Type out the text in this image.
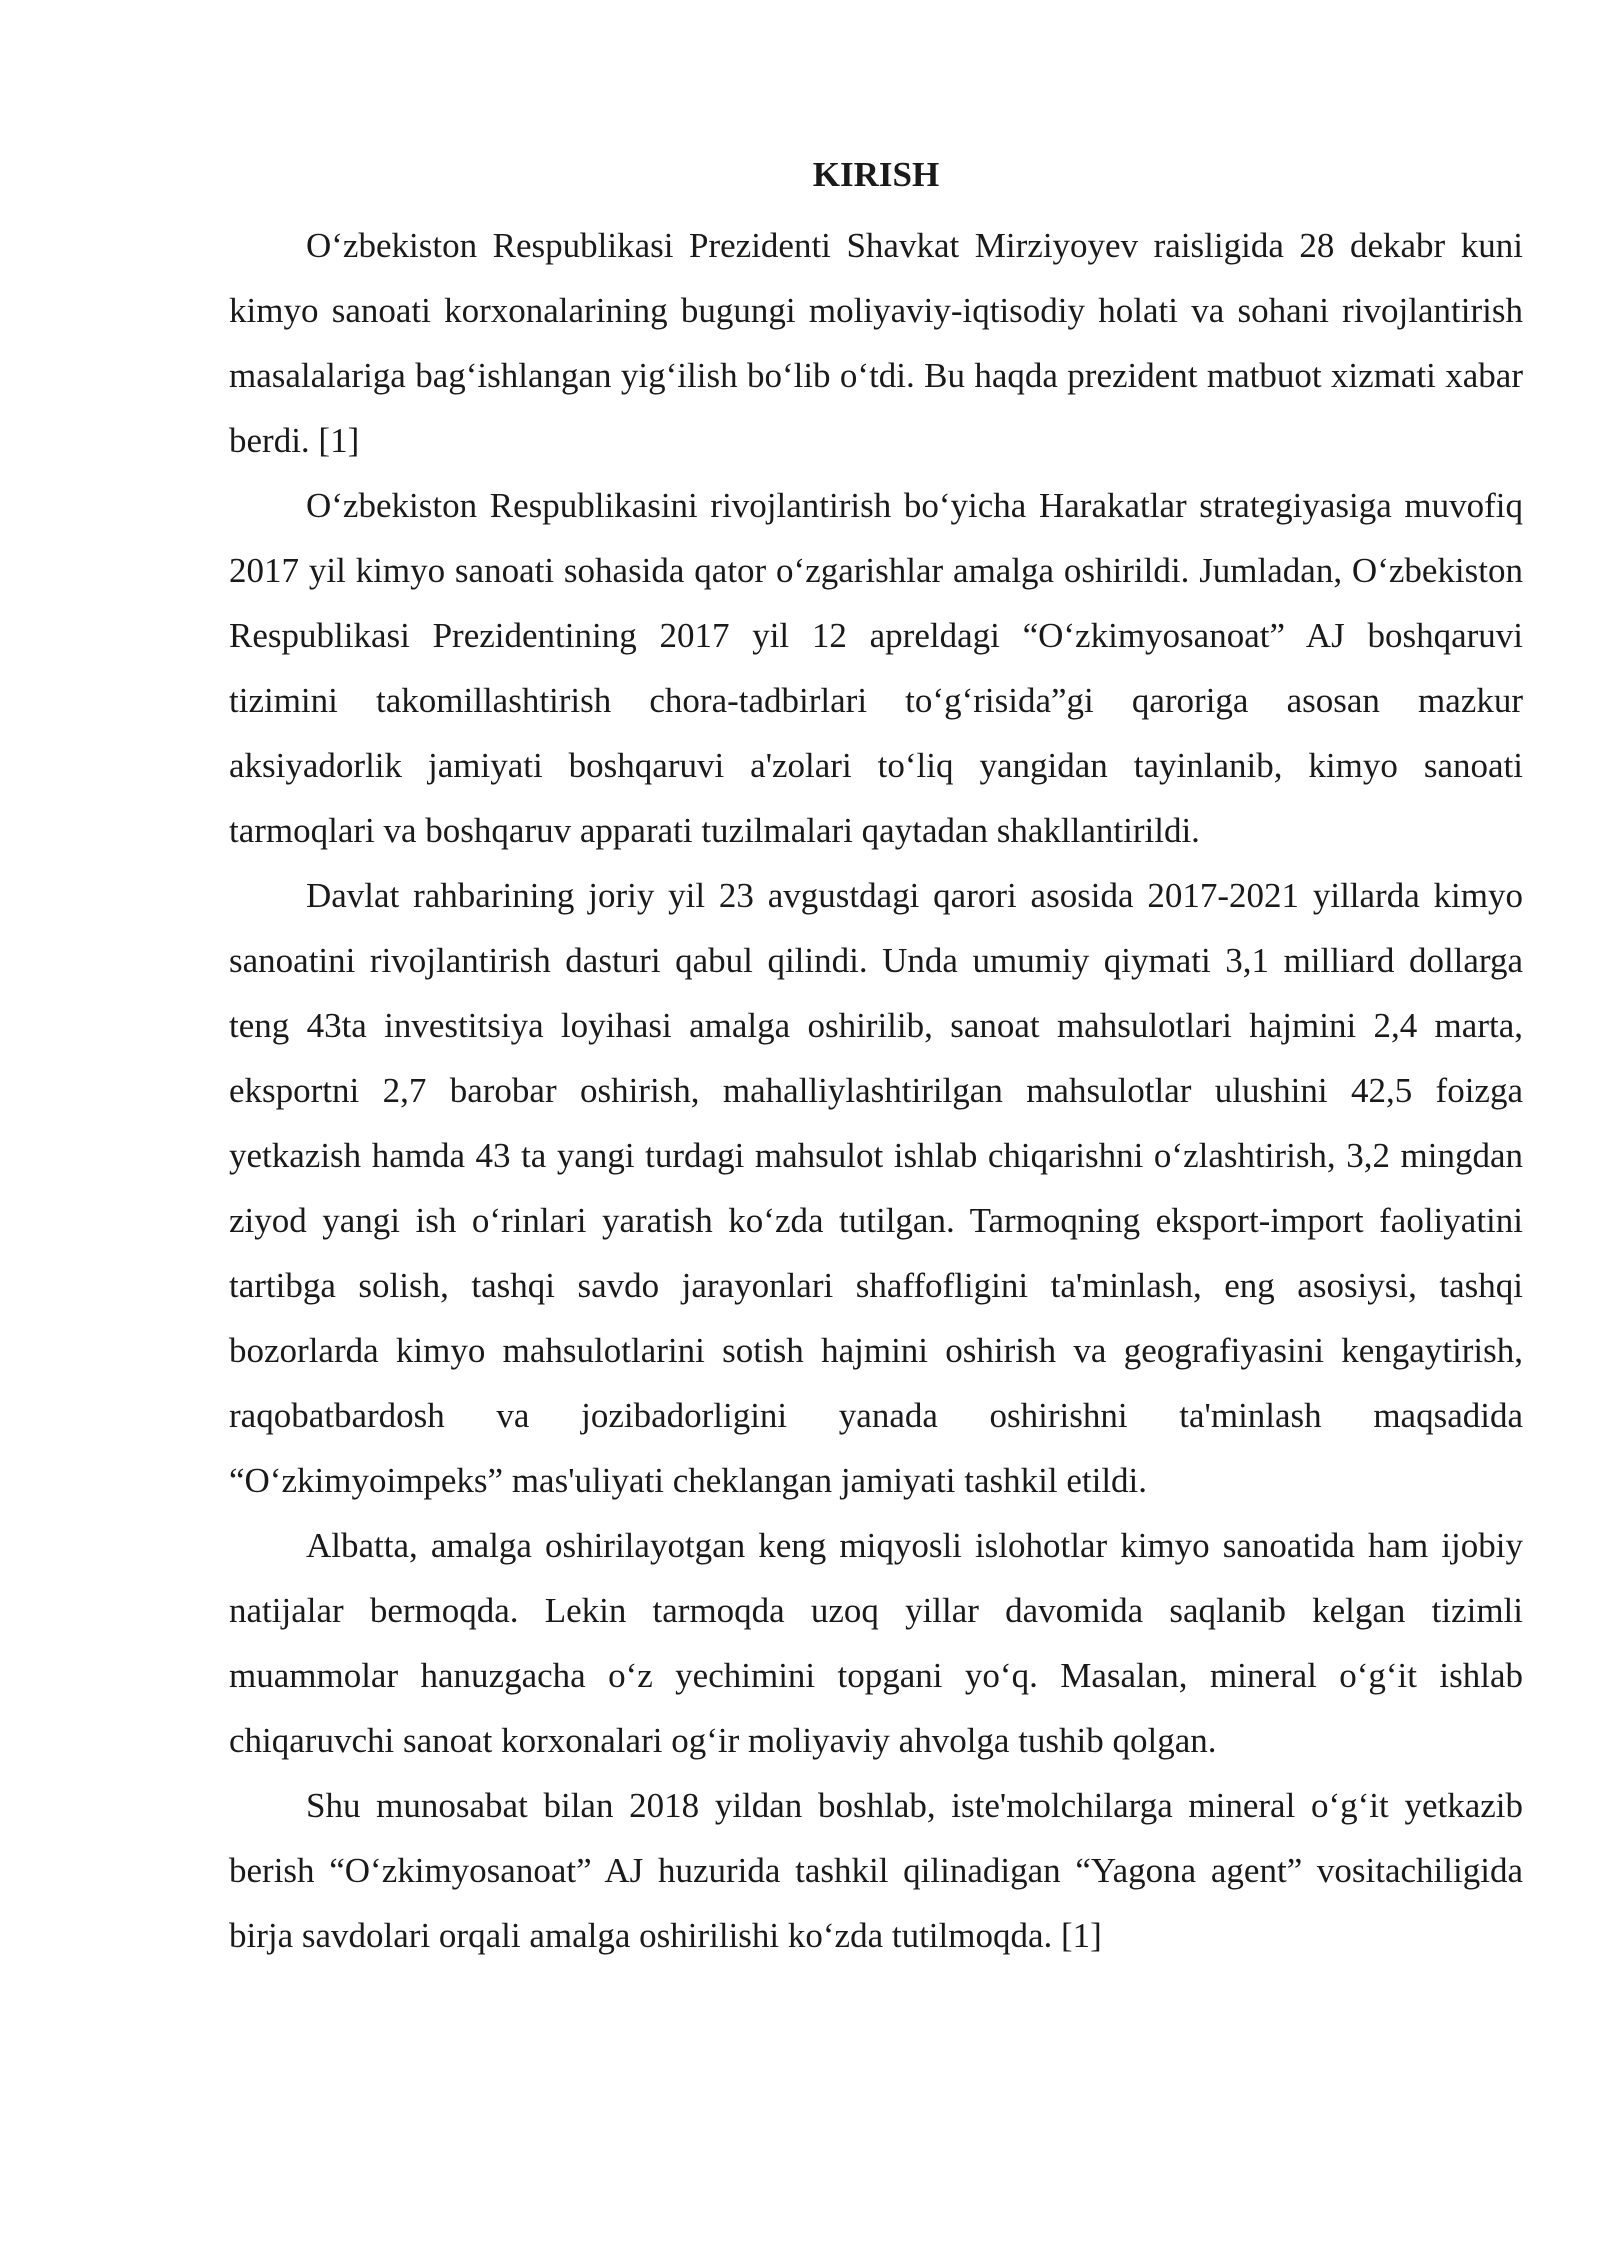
KIRISH

O‘zbekiston Respublikasi Prezidenti Shavkat Mirziyoyev raisligida 28 dekabr kuni kimyo sanoati korxonalarining bugungi moliyaviy-iqtisodiy holati va sohani rivojlantirish masalalariga bag‘ishlangan yig‘ilish bo‘lib o‘tdi. Bu haqda prezident matbuot xizmati xabar berdi. [1]

O‘zbekiston Respublikasini rivojlantirish bo‘yicha Harakatlar strategiyasiga muvofiq 2017 yil kimyo sanoati sohasida qator o‘zgarishlar amalga oshirildi. Jumladan, O‘zbekiston Respublikasi Prezidentining 2017 yil 12 apreldagi “O‘zkimyosanoat” AJ boshqaruvi tizimini takomillashtirish chora-tadbirlari to‘g‘risida”gi qaroriga asosan mazkur aksiyadorlik jamiyati boshqaruvi a'zolari to‘liq yangidan tayinlanib, kimyo sanoati tarmoqlari va boshqaruv apparati tuzilmalari qaytadan shakllantirildi.

Davlat rahbarining joriy yil 23 avgustdagi qarori asosida 2017-2021 yillarda kimyo sanoatini rivojlantirish dasturi qabul qilindi. Unda umumiy qiymati 3,1 milliard dollarga teng 43ta investitsiya loyihasi amalga oshirilib, sanoat mahsulotlari hajmini 2,4 marta, eksportni 2,7 barobar oshirish, mahalliylashtirilgan mahsulotlar ulushini 42,5 foizga yetkazish hamda 43 ta yangi turdagi mahsulot ishlab chiqarishni o‘zlashtirish, 3,2 mingdan ziyod yangi ish o‘rinlari yaratish ko‘zda tutilgan. Tarmoqning eksport-import faoliyatini tartibga solish, tashqi savdo jarayonlari shaffofligini ta'minlash, eng asosiysi, tashqi bozorlarda kimyo mahsulotlarini sotish hajmini oshirish va geografiyasini kengaytirish, raqobatbardosh va jozibadorligini yanada oshirishni ta'minlash maqsadida “O‘zkimyoimpeks” mas'uliyati cheklangan jamiyati tashkil etildi.

Albatta, amalga oshirilayotgan keng miqyosli islohotlar kimyo sanoatida ham ijobiy natijalar bermoqda. Lekin tarmoqda uzoq yillar davomida saqlanib kelgan tizimli muammolar hanuzgacha o‘z yechimini topgani yo‘q. Masalan, mineral o‘g‘it ishlab chiqaruvchi sanoat korxonalari og‘ir moliyaviy ahvolga tushib qolgan.

Shu munosabat bilan 2018 yildan boshlab, iste'molchilarga mineral o‘g‘it yetkazib berish “O‘zkimyosanoat” AJ huzurida tashkil qilinadigan “Yagona agent” vositachiligida birja savdolari orqali amalga oshirilishi ko‘zda tutilmoqda. [1]
